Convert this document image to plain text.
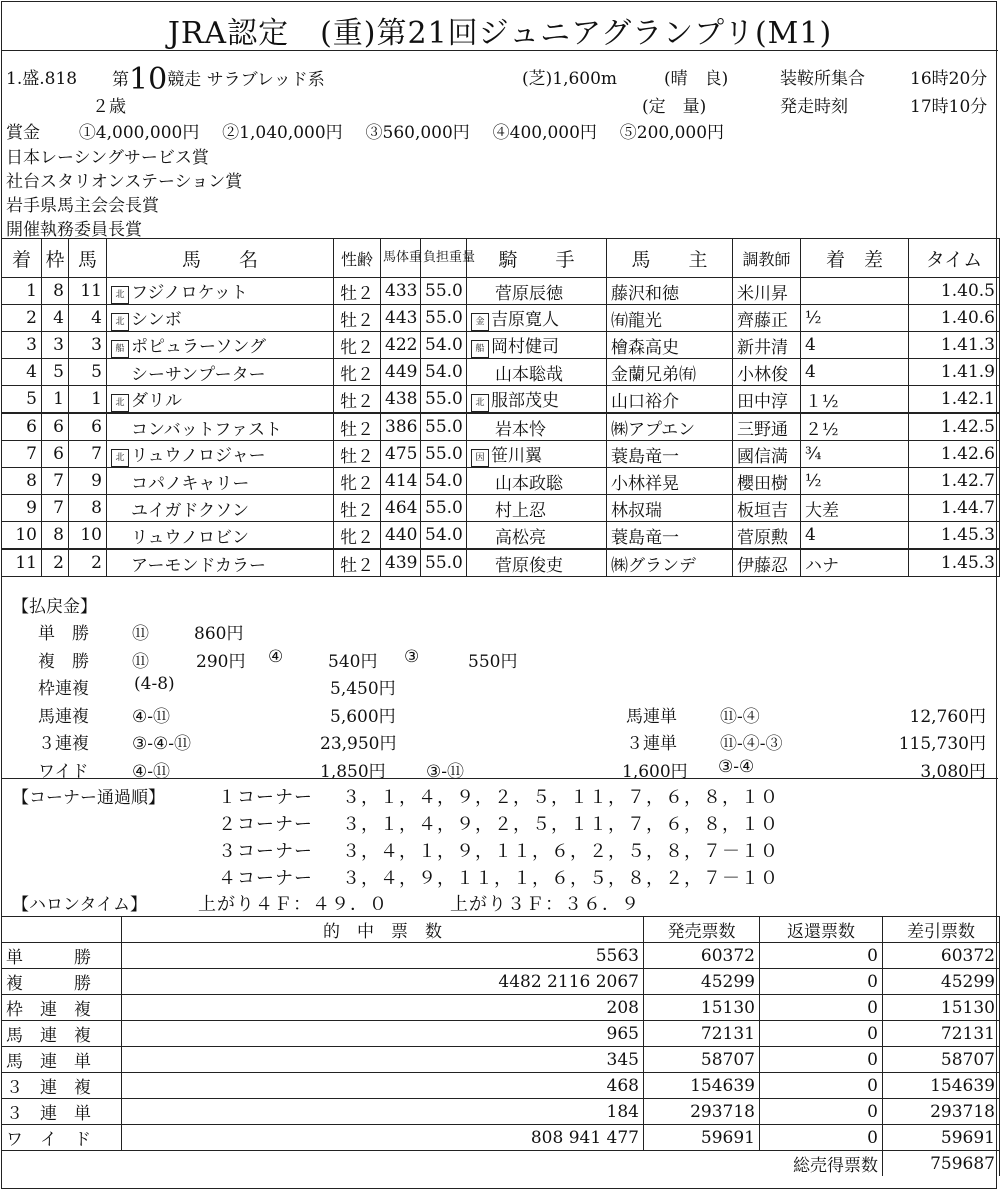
JRA認定　(重)第21回ジュニアグランプリ(M1)
1.盛.818 第10競走 サラブレッド系	(芝)1,600m	(晴　良)	装鞍所集合	16時20分
２歳	(定　量)	発走時刻	17時10分
賞金 ①4,000,000円 ②1,040,000円 ③560,000円 ④400,000円 ⑤200,000円
日本レーシングサービス賞
社台スタリオンステーション賞
岩手県馬主会会長賞
開催執務委員長賞
着	枠	馬	馬　　名	性齢	馬体重	負担重量	騎　　手	馬　　主	調教師	着　差	タイム
1	8	11	北 フジノロケット	牡２	433	55.0	菅原辰徳	藤沢和徳	米川昇		1.40.5
2	4	4	北 シンボ	牡２	443	55.0	金 吉原寛人	㈲龍光	齊藤正	½	1.40.6
3	3	3	船 ポピュラーソング	牝２	422	54.0	船 岡村健司	檜森高史	新井清	4	1.41.3
4	5	5	シーサンプーター	牝２	449	54.0	山本聡哉	金蘭兄弟㈲	小林俊	4	1.41.9
5	1	1	北 ダリル	牡２	438	55.0	北 服部茂史	山口裕介	田中淳	１½	1.42.1
6	6	6	コンバットファスト	牡２	386	55.0	岩本怜	㈱アプエン	三野通	２½	1.42.5
7	6	7	北 リュウノロジャー	牡２	475	55.0	因 笹川翼	蓑島竜一	國信満	¾	1.42.6
8	7	9	コパノキャリー	牝２	414	54.0	山本政聡	小林祥晃	櫻田樹	½	1.42.7
9	7	8	ユイガドクソン	牡２	464	55.0	村上忍	林叔瑞	板垣吉	大差	1.44.7
10	8	10	リュウノロビン	牝２	440	54.0	高松亮	蓑島竜一	菅原勲	4	1.45.3
11	2	2	アーモンドカラー	牡２	439	55.0	菅原俊吏	㈱グランデ	伊藤忍	ハナ	1.45.3
【払戻金】
単　勝	⑪	860円
複　勝	⑪	290円 ④	540円 ③	550円
枠連複	(4-8)	5,450円
馬連複	④-⑪	5,600円	馬連単	⑪-④	12,760円
３連複	③-④-⑪	23,950円	３連単	⑪-④-③	115,730円
ワイド	④-⑪	1,850円 ③-⑪	1,600円 ③-④	3,080円
【コーナー通過順】	１コーナー ３，１，４，９，２，５，１１，７，６，８，１０
２コーナー ３，１，４，９，２，５，１１，７，６，８，１０
３コーナー ３，４，１，９，１１，６，２，５，８，７－１０
４コーナー ３，４，９，１１，１，６，５，８，２，７－１０
【ハロンタイム】	上がり４Ｆ：４９．０	上がり３Ｆ：３６．９
	的　中　票　数	発売票数	返還票数	差引票数
単　　　勝	5563	60372	0	60372
複　　　勝	4482 2116 2067	45299	0	45299
枠　連　複	208	15130	0	15130
馬　連　複	965	72131	0	72131
馬　連　単	345	58707	0	58707
３　連　複	468	154639	0	154639
３　連　単	184	293718	0	293718
ワ　イ　ド	808 941 477	59691	0	59691
		総売得票数		759687
